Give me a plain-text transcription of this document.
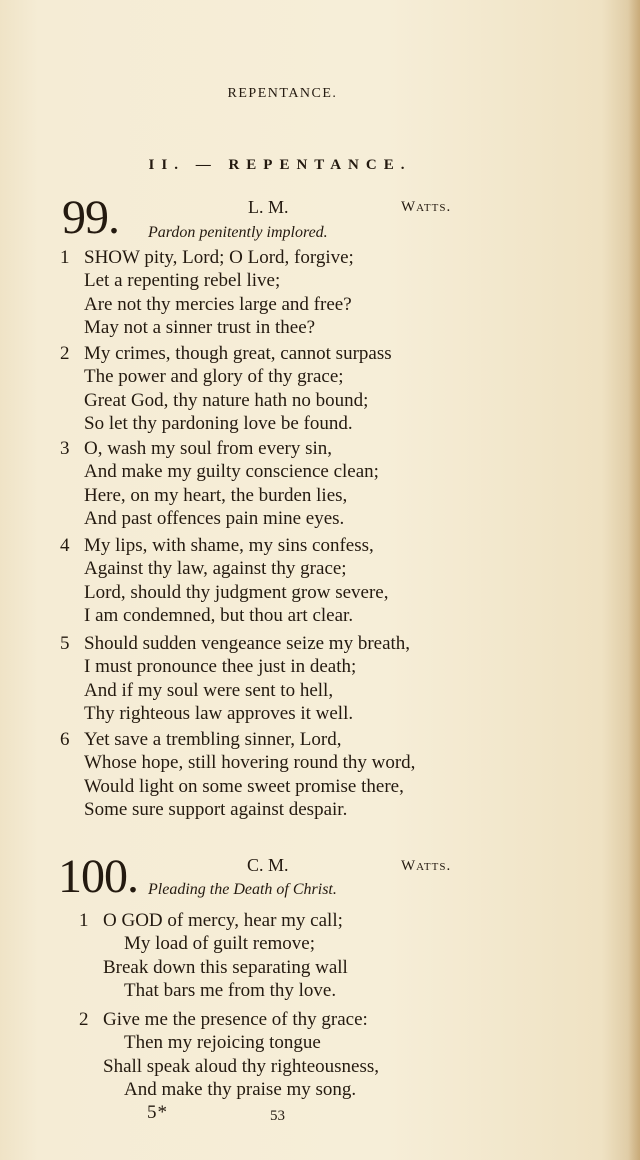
REPENTANCE.
II. — REPENTANCE.
99.	L. M.	Watts.
Pardon penitently implored.
1 SHOW pity, Lord; O Lord, forgive;
Let a repenting rebel live;
Are not thy mercies large and free?
May not a sinner trust in thee?
2 My crimes, though great, cannot surpass
The power and glory of thy grace;
Great God, thy nature hath no bound;
So let thy pardoning love be found.
3 O, wash my soul from every sin,
And make my guilty conscience clean;
Here, on my heart, the burden lies,
And past offences pain mine eyes.
4 My lips, with shame, my sins confess,
Against thy law, against thy grace;
Lord, should thy judgment grow severe,
I am condemned, but thou art clear.
5 Should sudden vengeance seize my breath,
I must pronounce thee just in death;
And if my soul were sent to hell,
Thy righteous law approves it well.
6 Yet save a trembling sinner, Lord,
Whose hope, still hovering round thy word,
Would light on some sweet promise there,
Some sure support against despair.
100.	C. M.	Watts.
Pleading the Death of Christ.
1 O GOD of mercy, hear my call;
My load of guilt remove;
Break down this separating wall
That bars me from thy love.
2 Give me the presence of thy grace:
Then my rejoicing tongue
Shall speak aloud thy righteousness,
And make thy praise my song.
5*	53
